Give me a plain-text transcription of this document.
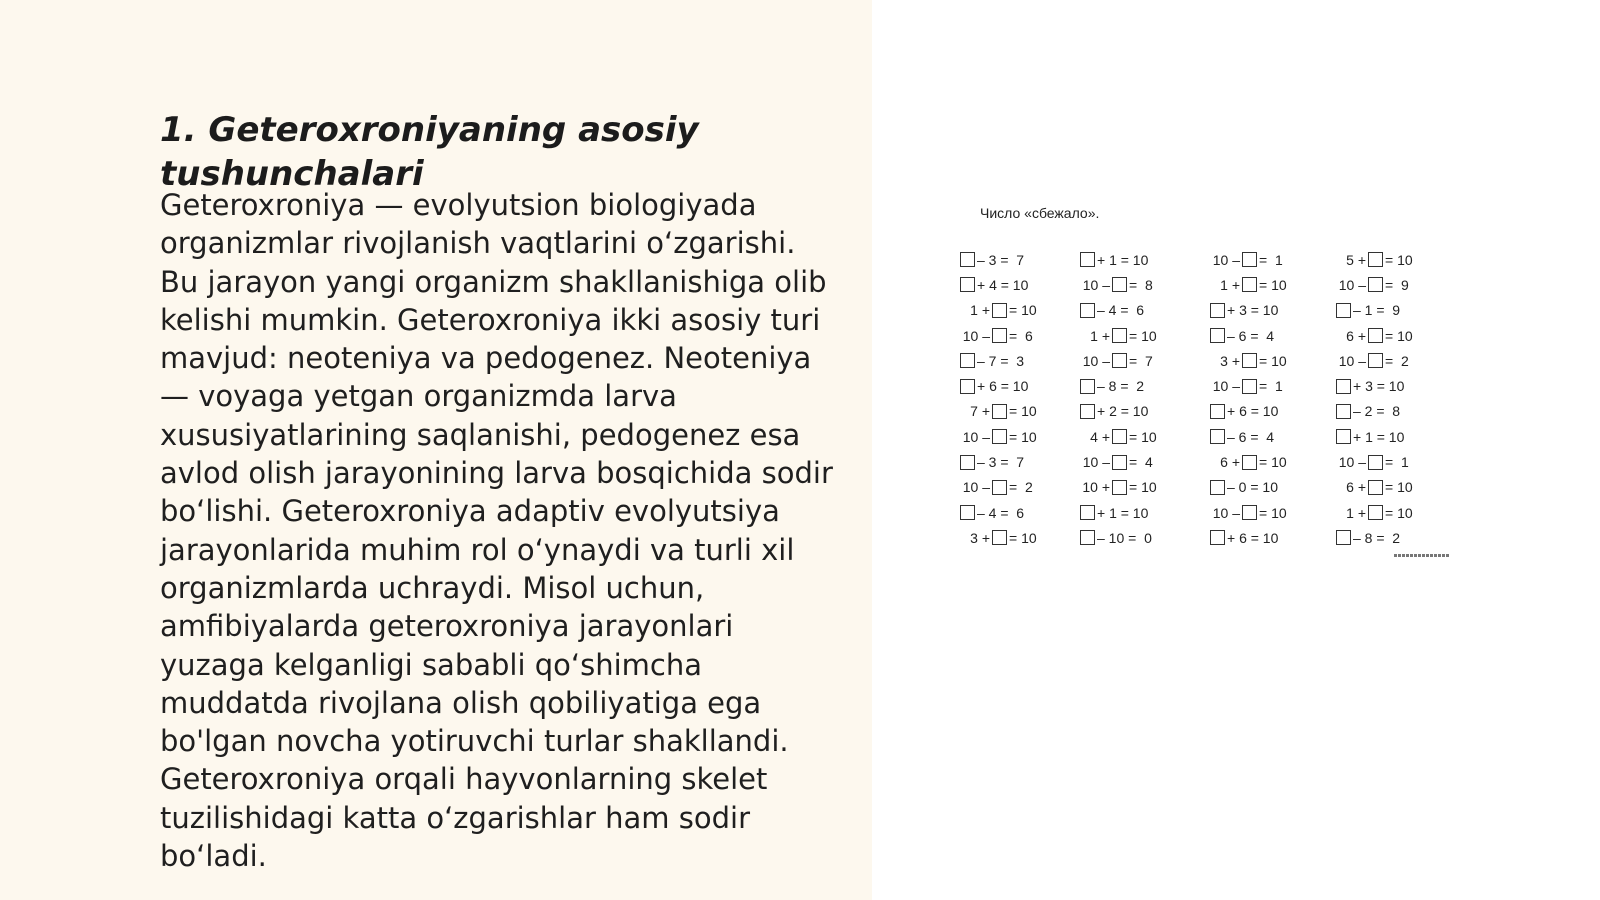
1. Geteroxroniyaning asosiy tushunchalari

Geteroxroniya — evolyutsion biologiyada organizmlar rivojlanish vaqtlarini o‘zgarishi. Bu jarayon yangi organizm shakllanishiga olib kelishi mumkin. Geteroxroniya ikki asosiy turi mavjud: neoteniya va pedogenez. Neoteniya — voyaga yetgan organizmda larva xususiyatlarining saqlanishi, pedogenez esa avlod olish jarayonining larva bosqichida sodir bo‘lishi. Geteroxroniya adaptiv evolyutsiya jarayonlarida muhim rol o‘ynaydi va turli xil organizmlarda uchraydi. Misol uchun, amfibiyalarda geteroxroniya jarayonlari yuzaga kelganligi sababli qo‘shimcha muddatda rivojlana olish qobiliyatiga ega bo'lgan novcha yotiruvchi turlar shakllandi. Geteroxroniya orqali hayvonlarning skelet tuzilishidagi katta o‘zgarishlar ham sodir bo‘ladi.

Число «сбежало».
– 3 =  7
+ 4 = 10
1 + = 10
10 – =  6
– 7 =  3
+ 6 = 10
7 + = 10
10 – = 10
– 3 =  7
10 – =  2
– 4 =  6
3 + = 10
+ 1 = 10
10 – =  8
– 4 =  6
1 + = 10
10 – =  7
– 8 =  2
+ 2 = 10
4 + = 10
10 – =  4
10 + = 10
+ 1 = 10
– 10 =  0
10 – =  1
1 + = 10
+ 3 = 10
– 6 =  4
3 + = 10
10 – =  1
+ 6 = 10
– 6 =  4
6 + = 10
– 0 = 10
10 – = 10
+ 6 = 10
5 + = 10
10 – =  9
– 1 =  9
6 + = 10
10 – =  2
+ 3 = 10
– 2 =  8
+ 1 = 10
10 – =  1
6 + = 10
1 + = 10
– 8 =  2
